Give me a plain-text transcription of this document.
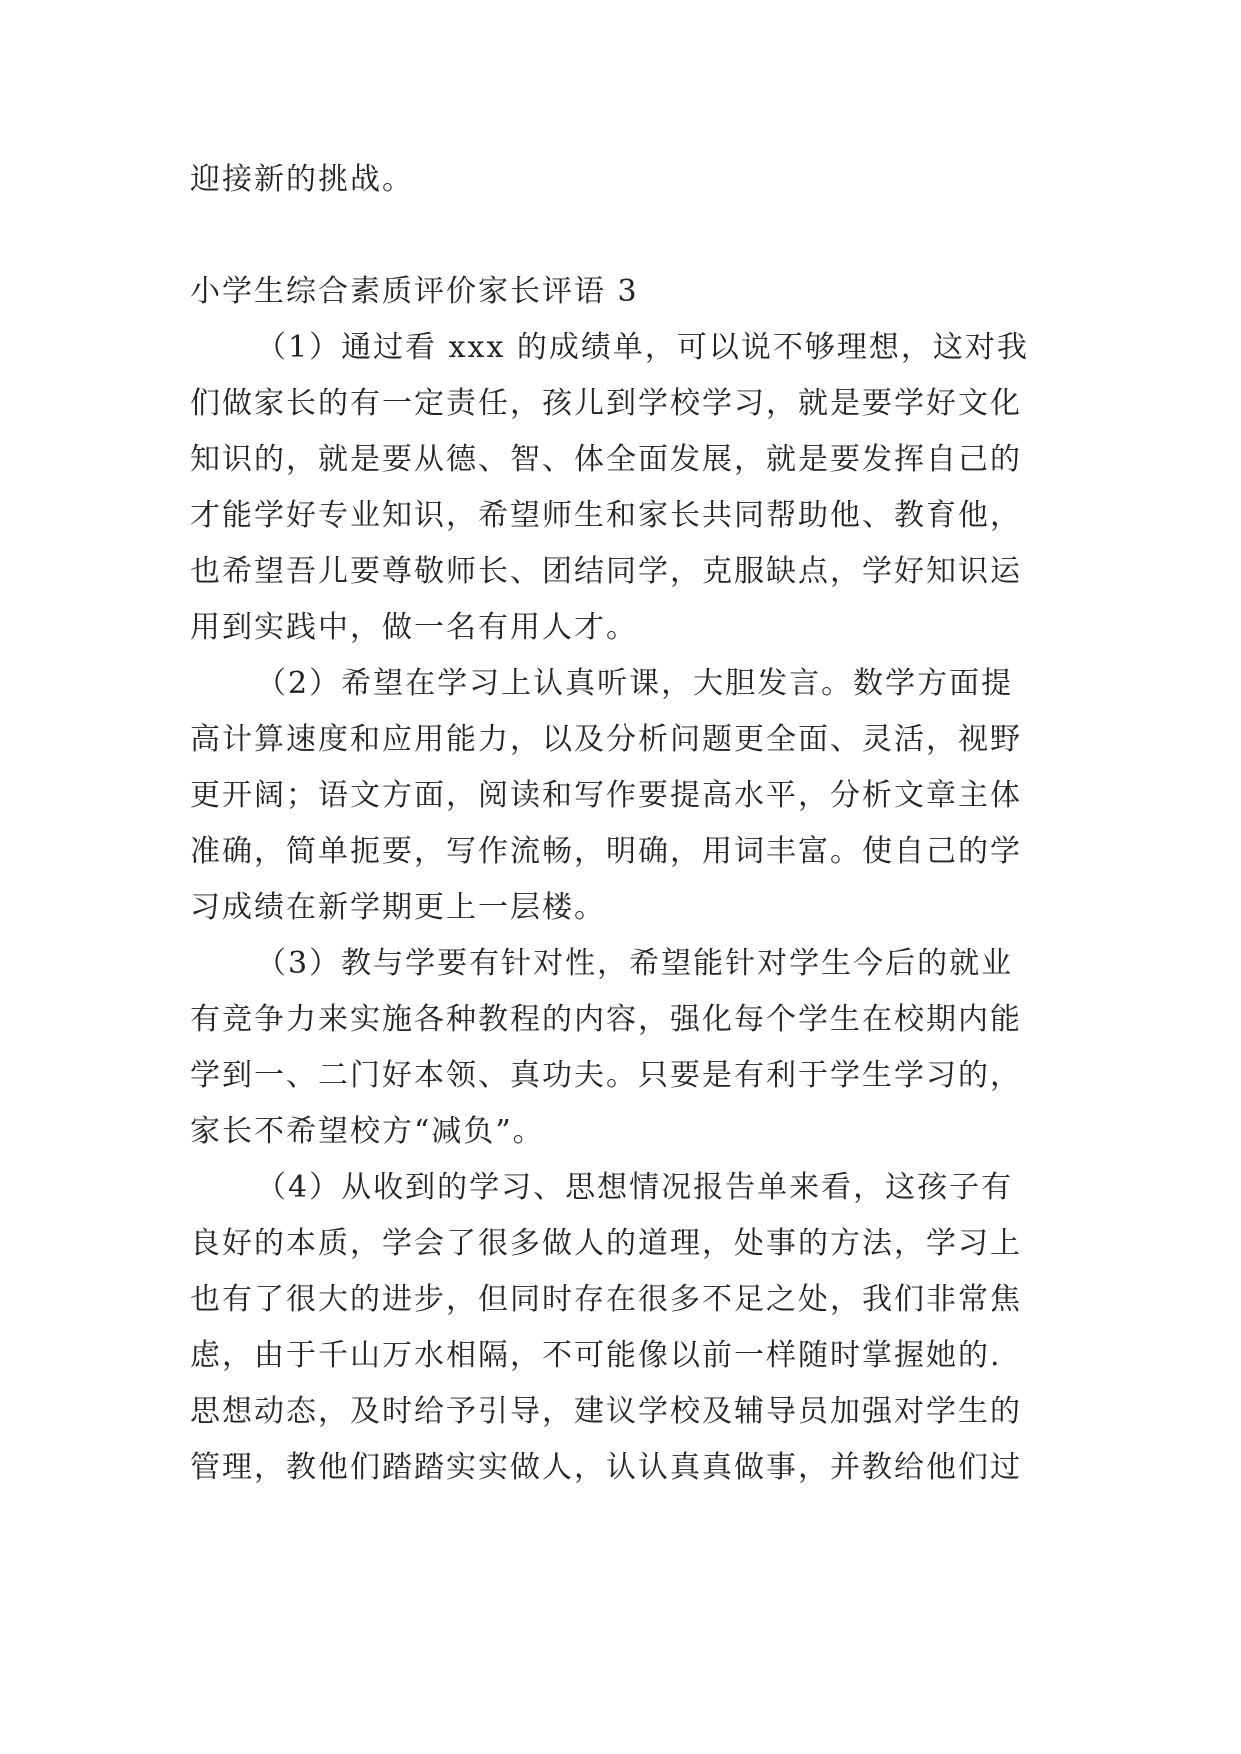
迎接新的挑战。
小学生综合素质评价家长评语 3
（1）通过看 xxx 的成绩单，可以说不够理想，这对我
们做家长的有一定责任，孩儿到学校学习，就是要学好文化
知识的，就是要从德、智、体全面发展，就是要发挥自己的
才能学好专业知识，希望师生和家长共同帮助他、教育他，
也希望吾儿要尊敬师长、团结同学，克服缺点，学好知识运
用到实践中，做一名有用人才。
（2）希望在学习上认真听课，大胆发言。数学方面提
高计算速度和应用能力，以及分析问题更全面、灵活，视野
更开阔；语文方面，阅读和写作要提高水平，分析文章主体
准确，简单扼要，写作流畅，明确，用词丰富。使自己的学
习成绩在新学期更上一层楼。
（3）教与学要有针对性，希望能针对学生今后的就业
有竞争力来实施各种教程的内容，强化每个学生在校期内能
学到一、二门好本领、真功夫。只要是有利于学生学习的，
家长不希望校方“减负”。
（4）从收到的学习、思想情况报告单来看，这孩子有
良好的本质，学会了很多做人的道理，处事的方法，学习上
也有了很大的进步，但同时存在很多不足之处，我们非常焦
虑，由于千山万水相隔，不可能像以前一样随时掌握她的.
思想动态，及时给予引导，建议学校及辅导员加强对学生的
管理，教他们踏踏实实做人，认认真真做事，并教给他们过
